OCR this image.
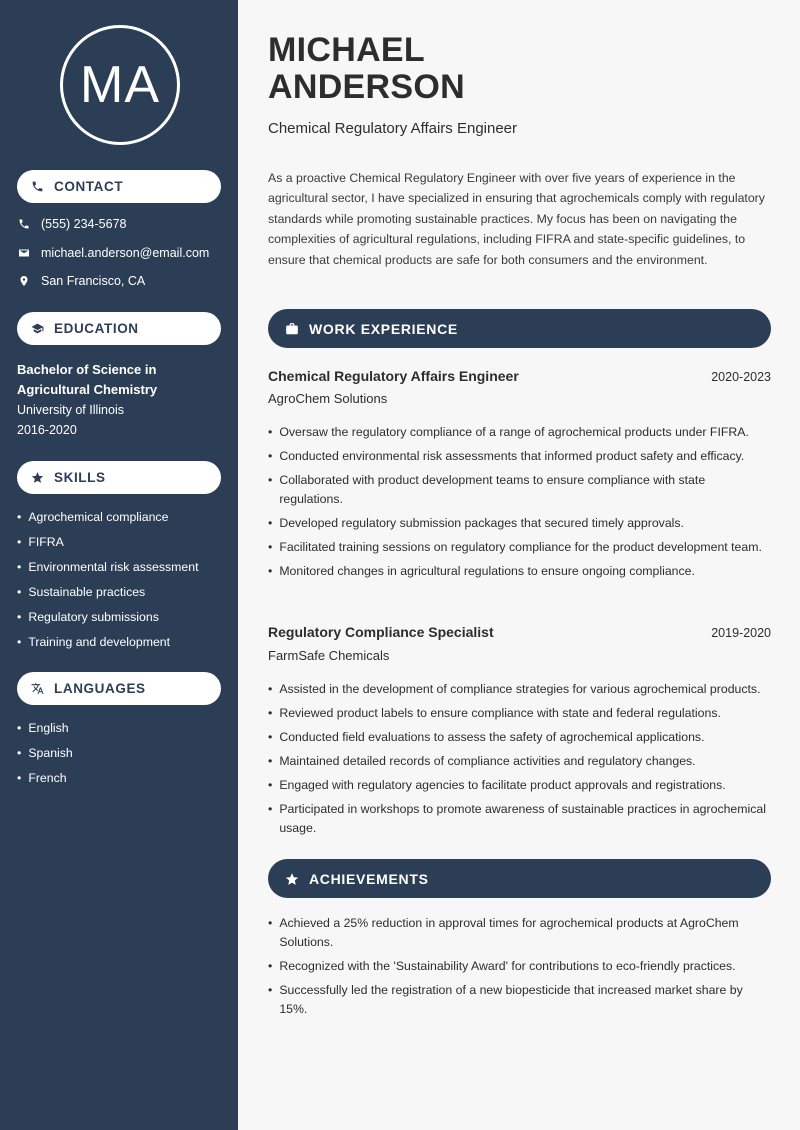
MA
CONTACT
(555) 234-5678
michael.anderson@email.com
San Francisco, CA
EDUCATION
Bachelor of Science in Agricultural Chemistry
University of Illinois
2016-2020
SKILLS
• Agrochemical compliance
• FIFRA
• Environmental risk assessment
• Sustainable practices
• Regulatory submissions
• Training and development
LANGUAGES
• English
• Spanish
• French
MICHAEL
ANDERSON
Chemical Regulatory Affairs Engineer
As a proactive Chemical Regulatory Engineer with over five years of experience in the agricultural sector, I have specialized in ensuring that agrochemicals comply with regulatory standards while promoting sustainable practices. My focus has been on navigating the complexities of agricultural regulations, including FIFRA and state-specific guidelines, to ensure that chemical products are safe for both consumers and the environment.
WORK EXPERIENCE
Chemical Regulatory Affairs Engineer	2020-2023
AgroChem Solutions
• Oversaw the regulatory compliance of a range of agrochemical products under FIFRA.
• Conducted environmental risk assessments that informed product safety and efficacy.
• Collaborated with product development teams to ensure compliance with state regulations.
• Developed regulatory submission packages that secured timely approvals.
• Facilitated training sessions on regulatory compliance for the product development team.
• Monitored changes in agricultural regulations to ensure ongoing compliance.
Regulatory Compliance Specialist	2019-2020
FarmSafe Chemicals
• Assisted in the development of compliance strategies for various agrochemical products.
• Reviewed product labels to ensure compliance with state and federal regulations.
• Conducted field evaluations to assess the safety of agrochemical applications.
• Maintained detailed records of compliance activities and regulatory changes.
• Engaged with regulatory agencies to facilitate product approvals and registrations.
• Participated in workshops to promote awareness of sustainable practices in agrochemical usage.
ACHIEVEMENTS
• Achieved a 25% reduction in approval times for agrochemical products at AgroChem Solutions.
• Recognized with the 'Sustainability Award' for contributions to eco-friendly practices.
• Successfully led the registration of a new biopesticide that increased market share by 15%.
